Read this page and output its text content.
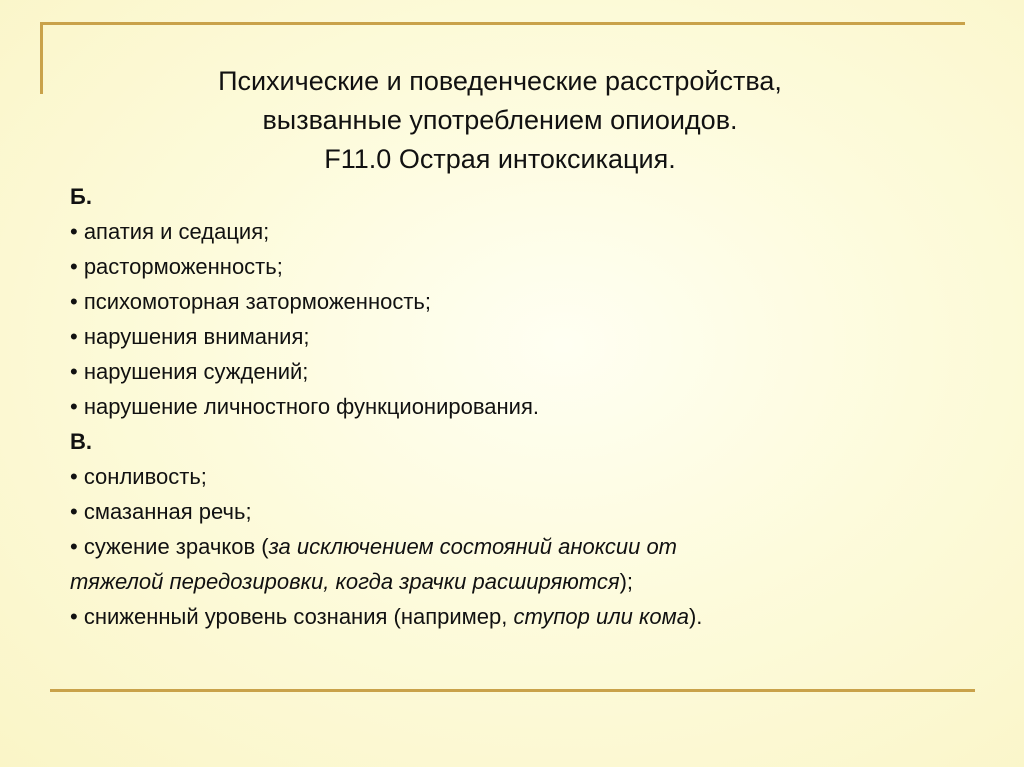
Психические и поведенческие расстройства,
вызванные употреблением опиоидов.
F11.0 Острая интоксикация.
Б.
• апатия и седация;
• расторможенность;
• психомоторная заторможенность;
• нарушения внимания;
• нарушения суждений;
• нарушение личностного функционирования.
В.
• сонливость;
• смазанная речь;
• сужение зрачков (за исключением состояний аноксии от
тяжелой передозировки, когда зрачки расширяются);
• сниженный уровень сознания (например, ступор или кома).
